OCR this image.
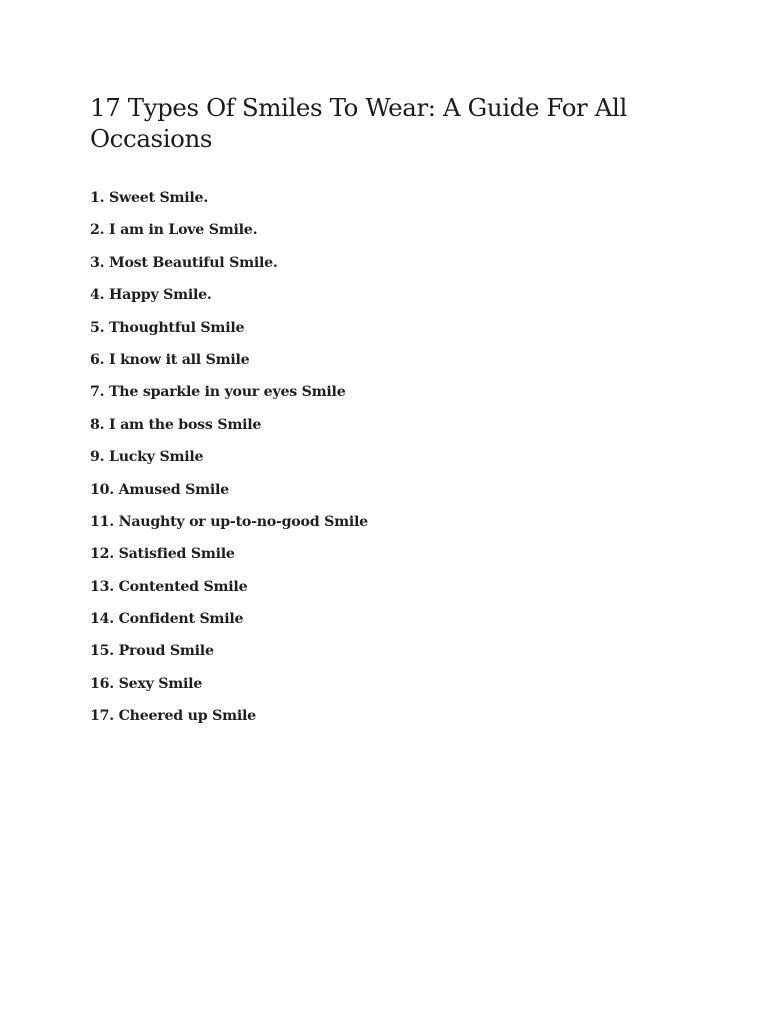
17 Types Of Smiles To Wear: A Guide For All Occasions
1. Sweet Smile.
2. I am in Love Smile.
3. Most Beautiful Smile.
4. Happy Smile.
5. Thoughtful Smile
6. I know it all Smile
7. The sparkle in your eyes Smile
8. I am the boss Smile
9. Lucky Smile
10. Amused Smile
11. Naughty or up-to-no-good Smile
12. Satisfied Smile
13. Contented Smile
14. Confident Smile
15. Proud Smile
16. Sexy Smile
17. Cheered up Smile
